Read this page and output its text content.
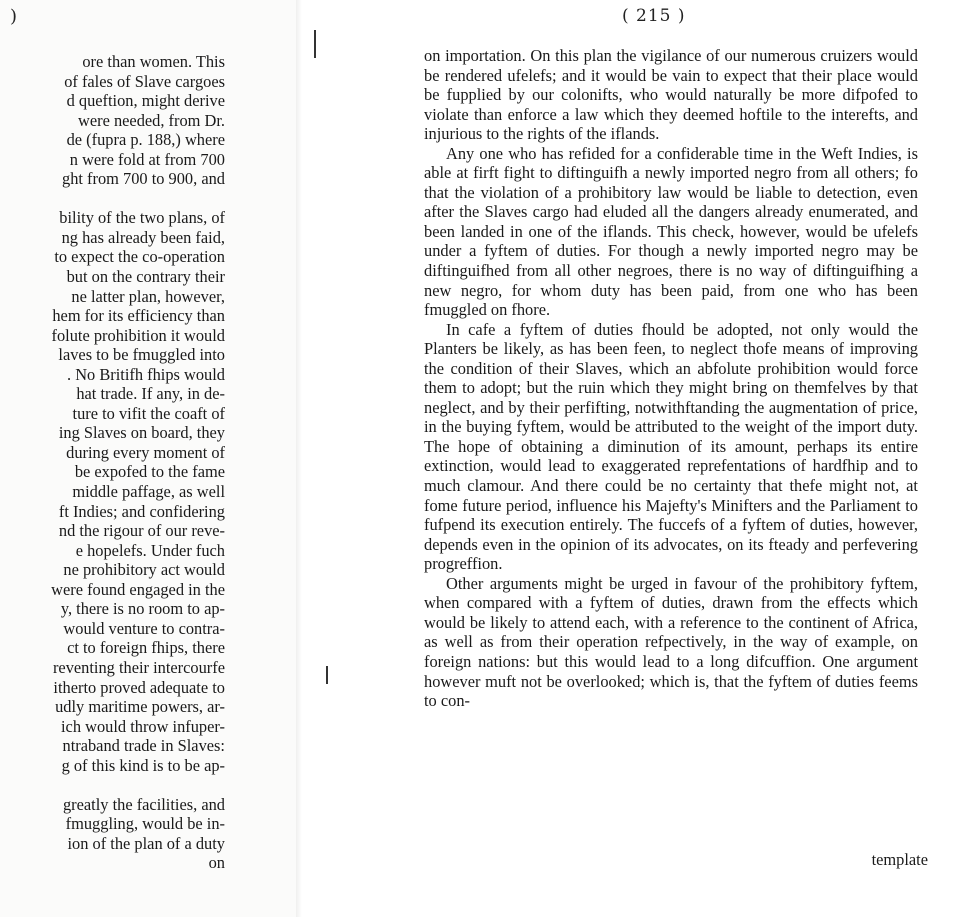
)
ore than women. This
of fales of Slave cargoes
d queftion, might derive
were needed, from Dr.
de (fupra p. 188,) where
n were fold at from 700
ght from 700 to 900, and
bility of the two plans, of
ng has already been faid,
to expect the co-operation
but on the contrary their
ne latter plan, however,
hem for its efficiency than
folute prohibition it would
laves to be fmuggled into
. No Britifh fhips would
hat trade. If any, in de-
ture to vifit the coaft of
ing Slaves on board, they
during every moment of
be expofed to the fame
middle paffage, as well
ft Indies; and confidering
nd the rigour of our reve-
e hopelefs. Under fuch
ne prohibitory act would
were found engaged in the
y, there is no room to ap-
would venture to contra-
ct to foreign fhips, there
reventing their intercourfe
itherto proved adequate to
udly maritime powers, ar-
ich would throw infuper-
ntraband trade in Slaves:
g of this kind is to be ap-
greatly the facilities, and
fmuggling, would be in-
ion of the plan of a duty
on
( 215 )

on importation. On this plan the vigilance of our numerous cruizers would be rendered ufelefs; and it would be vain to expect that their place would be fupplied by our colonifts, who would naturally be more difpofed to violate than enforce a law which they deemed hoftile to the interefts, and injurious to the rights of the iflands.

Any one who has refided for a confiderable time in the Weft Indies, is able at firft fight to diftinguifh a newly imported negro from all others; fo that the violation of a prohibitory law would be liable to detection, even after the Slaves cargo had eluded all the dangers already enumerated, and been landed in one of the iflands. This check, however, would be ufelefs under a fyftem of duties. For though a newly imported negro may be diftinguifhed from all other negroes, there is no way of diftinguifhing a new negro, for whom duty has been paid, from one who has been fmuggled on fhore.

In cafe a fyftem of duties fhould be adopted, not only would the Planters be likely, as has been feen, to neglect thofe means of improving the condition of their Slaves, which an abfolute prohibition would force them to adopt; but the ruin which they might bring on themfelves by that neglect, and by their perfifting, notwithftanding the augmentation of price, in the buying fyftem, would be attributed to the weight of the import duty. The hope of obtaining a diminution of its amount, perhaps its entire extinction, would lead to exaggerated reprefentations of hardfhip and to much clamour. And there could be no certainty that thefe might not, at fome future period, influence his Majefty's Minifters and the Parliament to fufpend its execution entirely. The fuccefs of a fyftem of duties, however, depends even in the opinion of its advocates, on its fteady and perfevering progreffion.

Other arguments might be urged in favour of the prohibitory fyftem, when compared with a fyftem of duties, drawn from the effects which would be likely to attend each, with a reference to the continent of Africa, as well as from their operation refpectively, in the way of example, on foreign nations: but this would lead to a long difcuffion. One argument however muft not be overlooked; which is, that the fyftem of duties feems to con-

template
